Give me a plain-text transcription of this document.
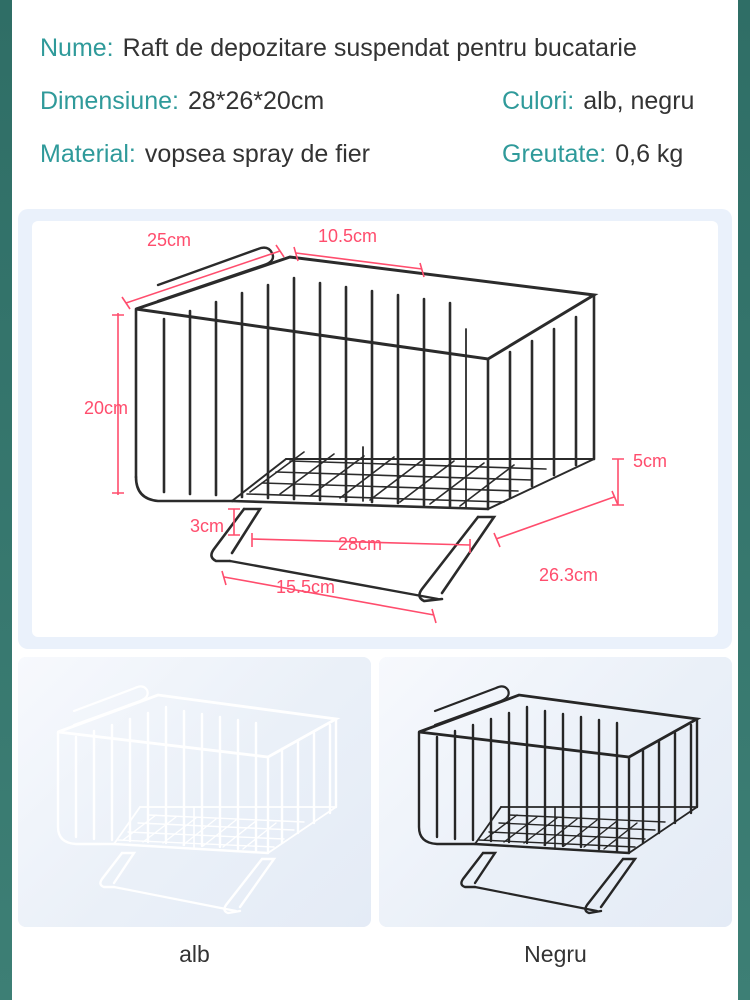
Nume: Raft de depozitare suspendat pentru bucatarie
Dimensiune: 28*26*20cm	Culori: alb, negru
Material: vopsea spray de fier	Greutate: 0,6 kg
25cm	10.5cm
20cm
5cm
3cm
28cm
15.5cm
26.3cm
alb	Negru
